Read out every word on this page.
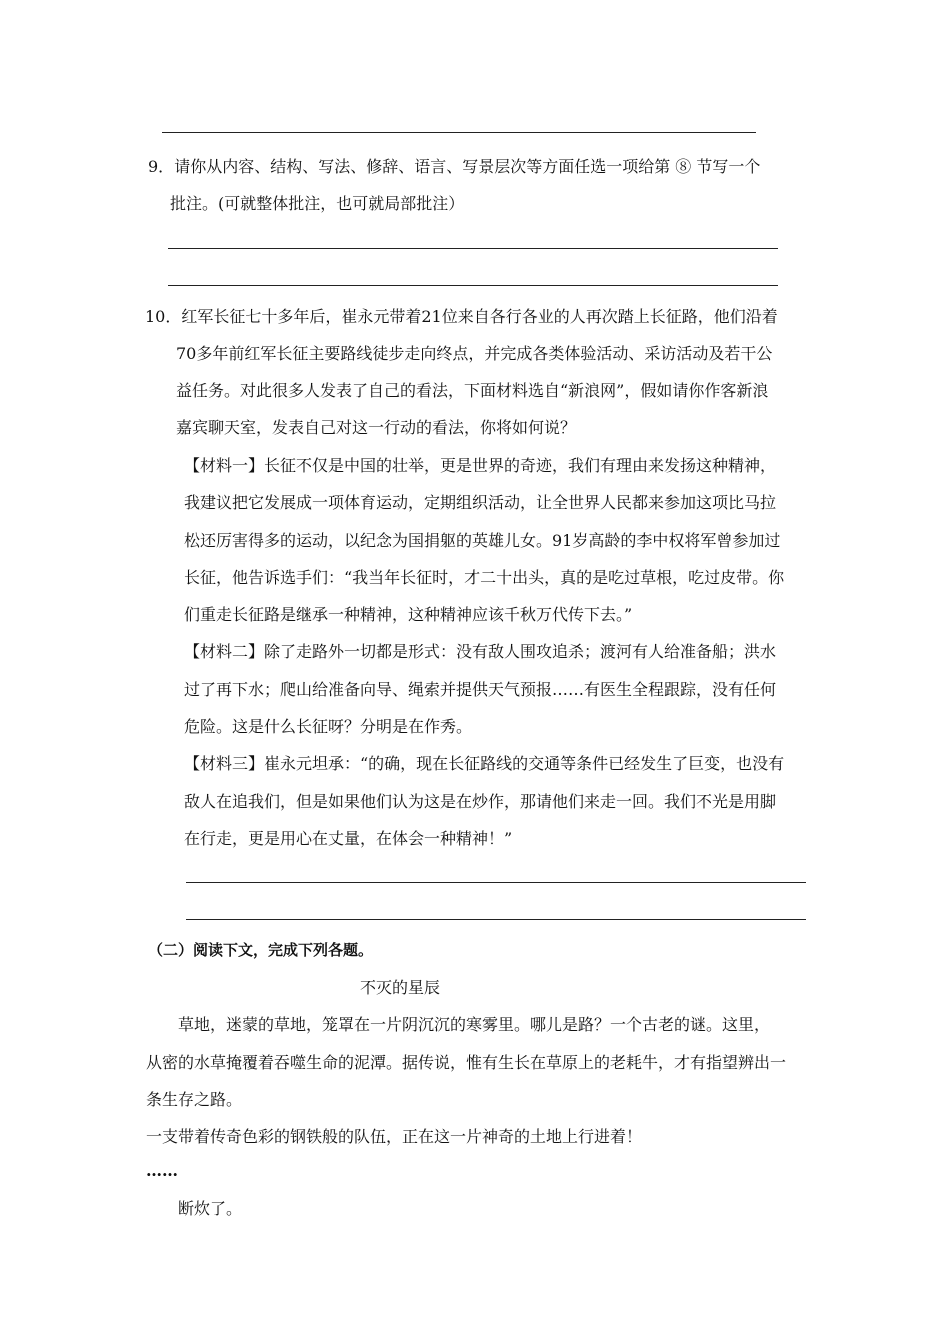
9．请你从内容、结构、写法、修辞、语言、写景层次等方面任选一项给第 ⑧ 节写一个
批注。(可就整体批注，也可就局部批注）
10．红军长征七十多年后，崔永元带着21位来自各行各业的人再次踏上长征路，他们沿着
70多年前红军长征主要路线徒步走向终点，并完成各类体验活动、采访活动及若干公
益任务。对此很多人发表了自己的看法，下面材料选自“新浪网”，假如请你作客新浪
嘉宾聊天室，发表自己对这一行动的看法，你将如何说？
【材料一】长征不仅是中国的壮举，更是世界的奇迹，我们有理由来发扬这种精神，
我建议把它发展成一项体育运动，定期组织活动，让全世界人民都来参加这项比马拉
松还厉害得多的运动，以纪念为国捐躯的英雄儿女。91岁高龄的李中权将军曾参加过
长征，他告诉选手们：“我当年长征时，才二十出头，真的是吃过草根，吃过皮带。你
们重走长征路是继承一种精神，这种精神应该千秋万代传下去。”
【材料二】除了走路外一切都是形式：没有敌人围攻追杀；渡河有人给准备船；洪水
过了再下水；爬山给准备向导、绳索并提供天气预报……有医生全程跟踪，没有任何
危险。这是什么长征呀？分明是在作秀。
【材料三】崔永元坦承：“的确，现在长征路线的交通等条件已经发生了巨变，也没有
敌人在追我们，但是如果他们认为这是在炒作，那请他们来走一回。我们不光是用脚
在行走，更是用心在丈量，在体会一种精神！”
（二）阅读下文，完成下列各题。
不灭的星辰
草地，迷蒙的草地，笼罩在一片阴沉沉的寒雾里。哪儿是路？一个古老的谜。这里，
从密的水草掩覆着吞噬生命的泥潭。据传说，惟有生长在草原上的老耗牛，才有指望辨出一
条生存之路。
一支带着传奇色彩的钢铁般的队伍，正在这一片神奇的土地上行进着！
……
断炊了。
